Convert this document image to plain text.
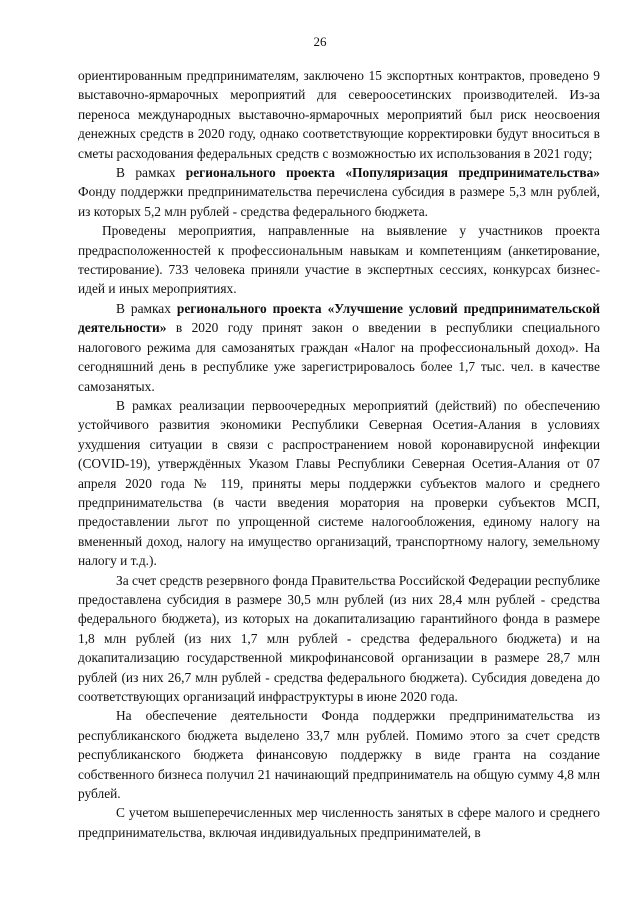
26

ориентированным предпринимателям, заключено 15 экспортных контрактов, проведено 9 выставочно-ярмарочных мероприятий для североосетинских производителей. Из-за переноса международных выставочно-ярмарочных мероприятий был риск неосвоения денежных средств в 2020 году, однако соответствующие корректировки будут вноситься в сметы расходования федеральных средств с возможностью их использования в 2021 году;

В рамках регионального проекта «Популяризация предпринимательства» Фонду поддержки предпринимательства перечислена субсидия в размере 5,3 млн рублей, из которых 5,2 млн рублей - средства федерального бюджета.

Проведены мероприятия, направленные на выявление у участников проекта предрасположенностей к профессиональным навыкам и компетенциям (анкетирование, тестирование). 733 человека приняли участие в экспертных сессиях, конкурсах бизнес-идей и иных мероприятиях.

В рамках регионального проекта «Улучшение условий предпринимательской деятельности» в 2020 году принят закон о введении в республики специального налогового режима для самозанятых граждан «Налог на профессиональный доход». На сегодняшний день в республике уже зарегистрировалось более 1,7 тыс. чел. в качестве самозанятых.

В рамках реализации первоочередных мероприятий (действий) по обеспечению устойчивого развития экономики Республики Северная Осетия-Алания в условиях ухудшения ситуации в связи с распространением новой коронавирусной инфекции (COVID-19), утверждённых Указом Главы Республики Северная Осетия-Алания от 07 апреля 2020 года № 119, приняты меры поддержки субъектов малого и среднего предпринимательства (в части введения моратория на проверки субъектов МСП, предоставлении льгот по упрощенной системе налогообложения, единому налогу на вмененный доход, налогу на имущество организаций, транспортному налогу, земельному налогу и т.д.).

За счет средств резервного фонда Правительства Российской Федерации республике предоставлена субсидия в размере 30,5 млн рублей (из них 28,4 млн рублей - средства федерального бюджета), из которых на докапитализацию гарантийного фонда в размере 1,8 млн рублей (из них 1,7 млн рублей - средства федерального бюджета) и на докапитализацию государственной микрофинансовой организации в размере 28,7 млн рублей (из них 26,7 млн рублей - средства федерального бюджета). Субсидия доведена до соответствующих организаций инфраструктуры в июне 2020 года.

На обеспечение деятельности Фонда поддержки предпринимательства из республиканского бюджета выделено 33,7 млн рублей. Помимо этого за счет средств республиканского бюджета финансовую поддержку в виде гранта на создание собственного бизнеса получил 21 начинающий предприниматель на общую сумму 4,8 млн рублей.

С учетом вышеперечисленных мер численность занятых в сфере малого и среднего предпринимательства, включая индивидуальных предпринимателей, в
